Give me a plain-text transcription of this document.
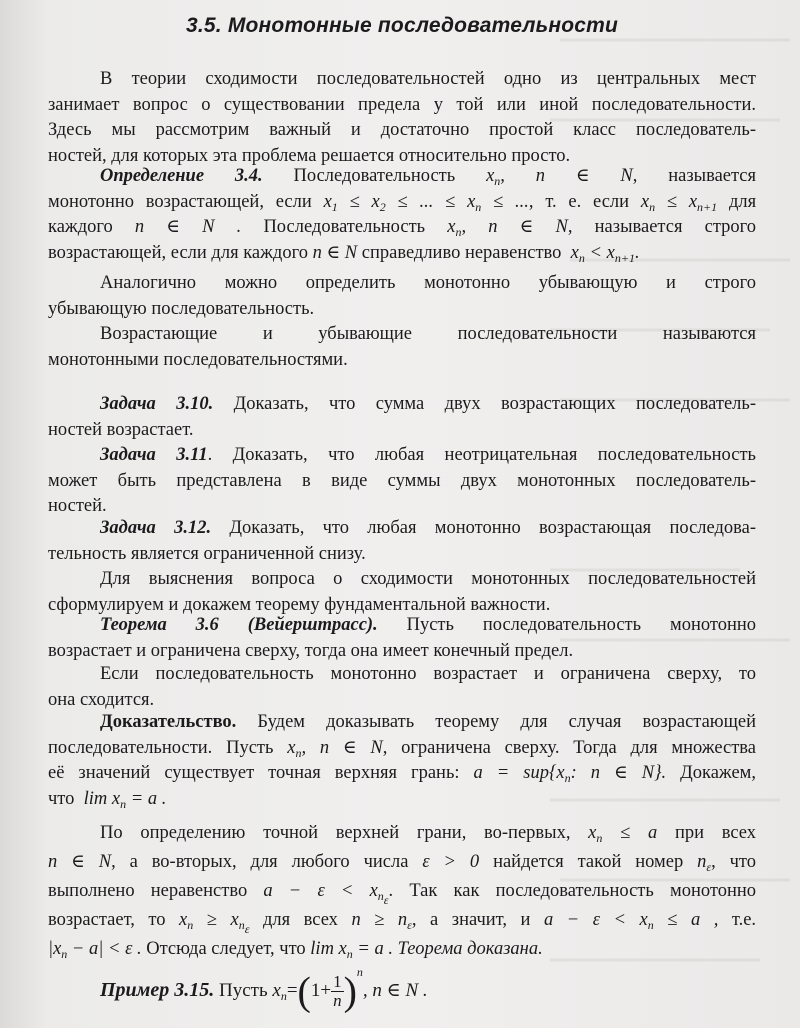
3.5. Монотонные последовательности
В теории сходимости последовательностей одно из центральных мест
занимает вопрос о существовании предела у той или иной последовательности.
Здесь мы рассмотрим важный и достаточно простой класс последователь-
ностей, для которых эта проблема решается относительно просто.
Определение 3.4. Последовательность $x_n$, n ∈ N, называется
монотонно возрастающей, если $x_1 \le x_2$ ≤ ... ≤ $x_n$ ≤ ..., т. е. если $x_n \le x_{n+1}$ для
каждого n ∈ N . Последовательность $x_n$, n ∈ N, называется строго
возрастающей, если для каждого n ∈ N справедливо неравенство $x_n < x_{n+1}$.
Аналогично можно определить монотонно убывающую и строго
убывающую последовательность.
Возрастающие и убывающие последовательности называются
монотонными последовательностями.
Задача 3.10. Доказать, что сумма двух возрастающих последователь-
ностей возрастает.
Задача 3.11. Доказать, что любая неотрицательная последовательность
может быть представлена в виде суммы двух монотонных последователь-
ностей.
Задача 3.12. Доказать, что любая монотонно возрастающая последова-
тельность является ограниченной снизу.
Для выяснения вопроса о сходимости монотонных последовательностей
сформулируем и докажем теорему фундаментальной важности.
Теорема 3.6 (Вейерштрасс). Пусть последовательность монотонно
возрастает и ограничена сверху, тогда она имеет конечный предел.
Если последовательность монотонно возрастает и ограничена сверху, то
она сходится.
Доказательство. Будем доказывать теорему для случая возрастающей
последовательности. Пусть $x_n$, n ∈ N, ограничена сверху. Тогда для множества
её значений существует точная верхняя грань: $a = sup\{x_n$: n ∈ N}. Докажем,
что $\lim x_n = a$ .
По определению точной верхней грани, во-первых, $x_n \le a$ при всех
n ∈ N, а во-вторых, для любого числа ε > 0 найдется такой номер $n_\varepsilon$, что
выполнено неравенство $a - \varepsilon < x_{n_\varepsilon}$. Так как последовательность монотонно
возрастает, то $x_n \ge x_{n_\varepsilon}$ для всех $n \ge n_\varepsilon$, а значит, и $a - \varepsilon < x_n \le a$ , т.е.
$|x_n - a| < \varepsilon$ . Отсюда следует, что $\lim x_n = a$ . Теорема доказана.
Пример 3.15. Пусть $x_n=(1+ \frac{1}{n} )^n$, n ∈ N .
